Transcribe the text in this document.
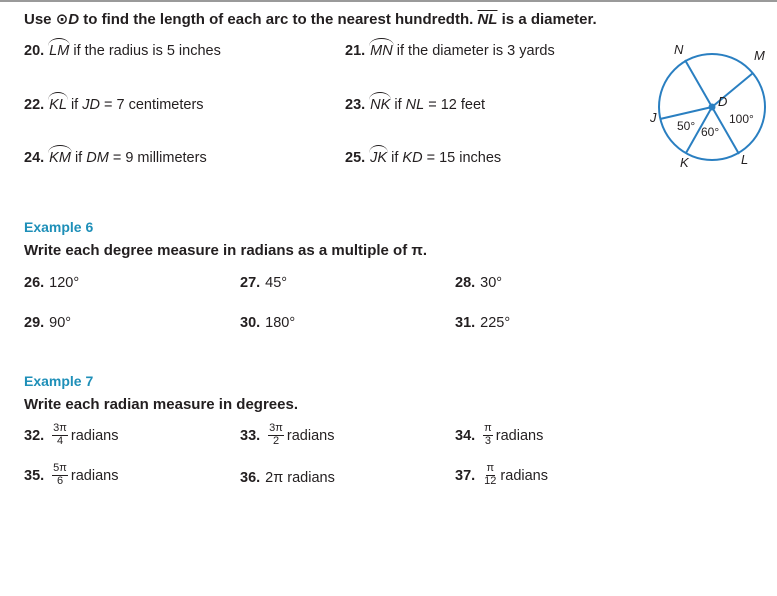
Use ⊙D to find the length of each arc to the nearest hundredth. $\overline{NL}$ is a diameter.
20. LM if the radius is 5 inches	21. MN if the diameter is 3 yards
22. KL if JD = 7 centimeters	23. NK if NL = 12 feet
24. KM if DM = 9 millimeters	25. JK if KD = 15 inches
N	M
J
D
K	L
50° 60°
100°
Example 6
Write each degree measure in radians as a multiple of π.
26. 120°	27. 45°	28. 30°
29. 90°	30. 180°	31. 225°
Example 7
Write each radian measure in degrees.
32. $\frac{3\pi}{4}$ radians	33. $\frac{3\pi}{2}$ radians	34. $\frac{\pi}{3}$ radians
35. $\frac{5\pi}{6}$ radians	36. 2π radians	37. $\frac{\pi}{12}$ radians
